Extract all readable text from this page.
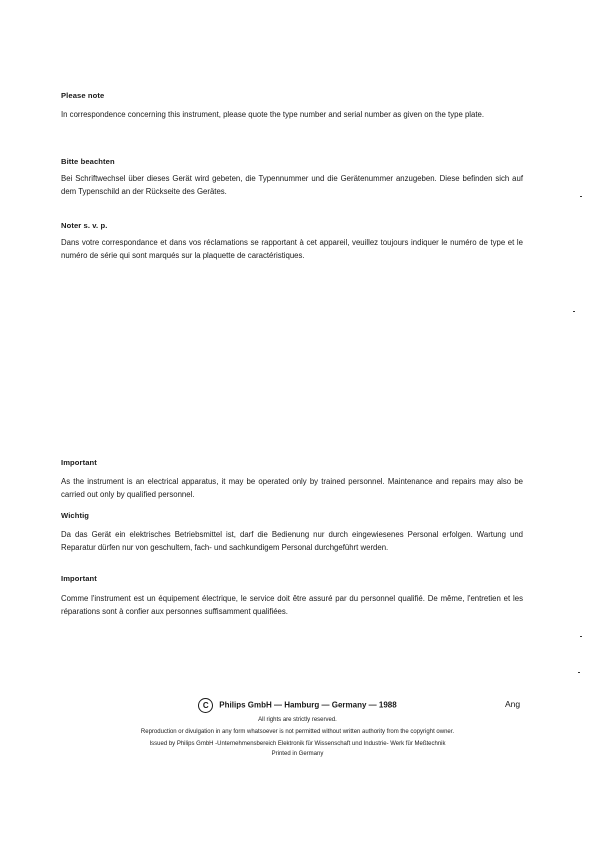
Please note
In correspondence concerning this instrument, please quote the type number and serial number as given on the type plate.
Bitte beachten
Bei Schriftwechsel über dieses Gerät wird gebeten, die Typennummer und die Gerätenummer anzugeben. Diese befinden sich auf dem Typenschild an der Rückseite des Gerätes.
Noter s. v. p.
Dans votre correspondance et dans vos réclamations se rapportant à cet appareil, veuillez toujours indiquer le numéro de type et le numéro de série qui sont marqués sur la plaquette de caractéristiques.
Important
As the instrument is an electrical apparatus, it may be operated only by trained personnel. Maintenance and repairs may also be carried out only by qualified personnel.
Wichtig
Da das Gerät ein elektrisches Betriebsmittel ist, darf die Bedienung nur durch eingewiesenes Personal erfolgen. Wartung und Reparatur dürfen nur von geschultem, fach- und sachkundigem Personal durchgeführt werden.
Important
Comme l'instrument est un équipement électrique, le service doit être assuré par du personnel qualifié. De même, l'entretien et les réparations sont à confier aux personnes suffisamment qualifiées.
C Philips GmbH — Hamburg — Germany — 1988	Ang
All rights are strictly reserved.
Reproduction or divulgation in any form whatsoever is not permitted without written authority from the copyright owner.
Issued by Philips GmbH -Unternehmensbereich Elektronik für Wissenschaft und Industrie- Werk für Meßtechnik
Printed in Germany
